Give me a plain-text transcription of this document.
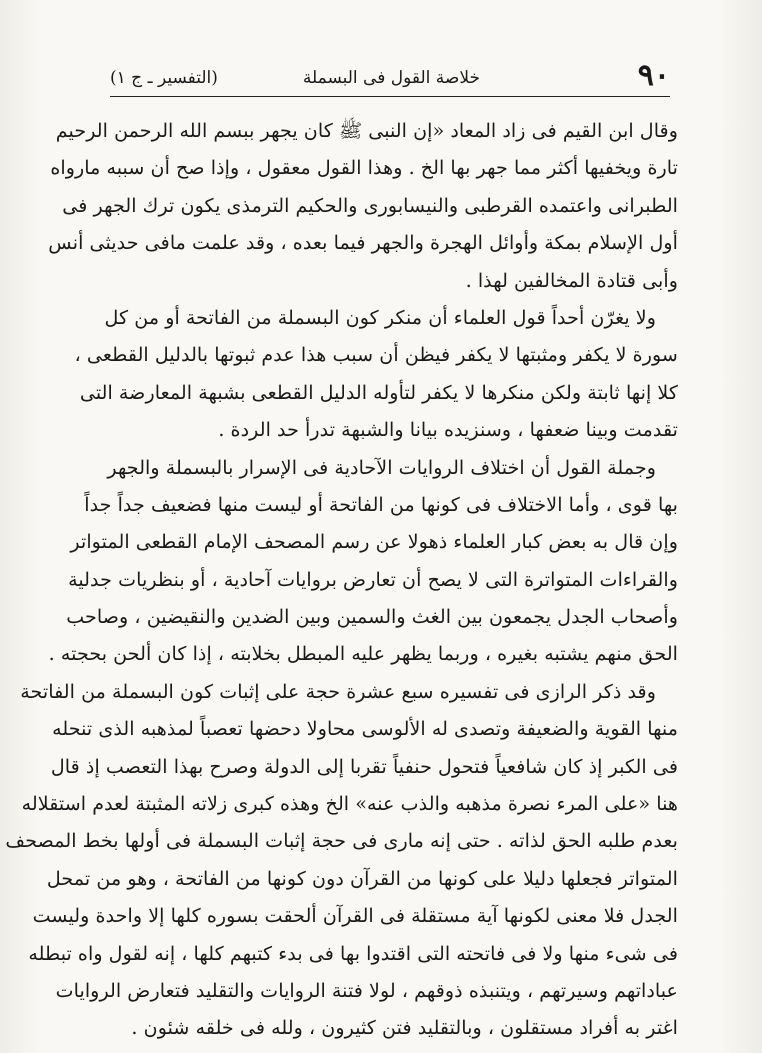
٩٠
خلاصة القول فى البسملة
(التفسير ـ ج ١)
وقال ابن القيم فى زاد المعاد «إن النبى ﷺ كان يجهر ببسم الله الرحمن الرحيم
تارة ويخفيها أكثر مما جهر بها الخ . وهذا القول معقول ، وإذا صح أن سببه مارواه
الطبرانى واعتمده القرطبى والنيسابورى والحكيم الترمذى يكون ترك الجهر فى
أول الإسلام بمكة وأوائل الهجرة والجهر فيما بعده ، وقد علمت مافى حديثى أنس
وأبى قتادة المخالفين لهذا .
ولا يغرّن أحداً قول العلماء أن منكر كون البسملة من الفاتحة أو من كل
سورة لا يكفر ومثبتها لا يكفر فيظن أن سبب هذا عدم ثبوتها بالدليل القطعى ،
كلا إنها ثابتة ولكن منكرها لا يكفر لتأوله الدليل القطعى بشبهة المعارضة التى
تقدمت وبينا ضعفها ، وسنزيده بيانا والشبهة تدرأ حد الردة .
وجملة القول أن اختلاف الروايات الآحادية فى الإسرار بالبسملة والجهر
بها قوى ، وأما الاختلاف فى كونها من الفاتحة أو ليست منها فضعيف جداً جداً
وإن قال به بعض كبار العلماء ذهولا عن رسم المصحف الإمام القطعى المتواتر
والقراءات المتواترة التى لا يصح أن تعارض بروايات آحادية ، أو بنظريات جدلية
وأصحاب الجدل يجمعون بين الغث والسمين وبين الضدين والنقيضين ، وصاحب
الحق منهم يشتبه بغيره ، وربما يظهر عليه المبطل بخلابته ، إذا كان ألحن بحجته .
وقد ذكر الرازى فى تفسيره سبع عشرة حجة على إثبات كون البسملة من الفاتحة
منها القوية والضعيفة وتصدى له الألوسى محاولا دحضها تعصباً لمذهبه الذى تنحله
فى الكبر إذ كان شافعياً فتحول حنفياً تقربا إلى الدولة وصرح بهذا التعصب إذ قال
هنا «على المرء نصرة مذهبه والذب عنه» الخ وهذه كبرى زلاته المثبتة لعدم استقلاله
بعدم طلبه الحق لذاته . حتى إنه مارى فى حجة إثبات البسملة فى أولها بخط المصحف
المتواتر فجعلها دليلا على كونها من القرآن دون كونها من الفاتحة ، وهو من تمحل
الجدل فلا معنى لكونها آية مستقلة فى القرآن ألحقت بسوره كلها إلا واحدة وليست
فى شىء منها ولا فى فاتحته التى اقتدوا بها فى بدء كتبهم كلها ، إنه لقول واه تبطله
عباداتهم وسيرتهم ، ويتنبذه ذوقهم ، لولا فتنة الروايات والتقليد فتعارض الروايات
اغتر به أفراد مستقلون ، وبالتقليد فتن كثيرون ، ولله فى خلقه شئون .
